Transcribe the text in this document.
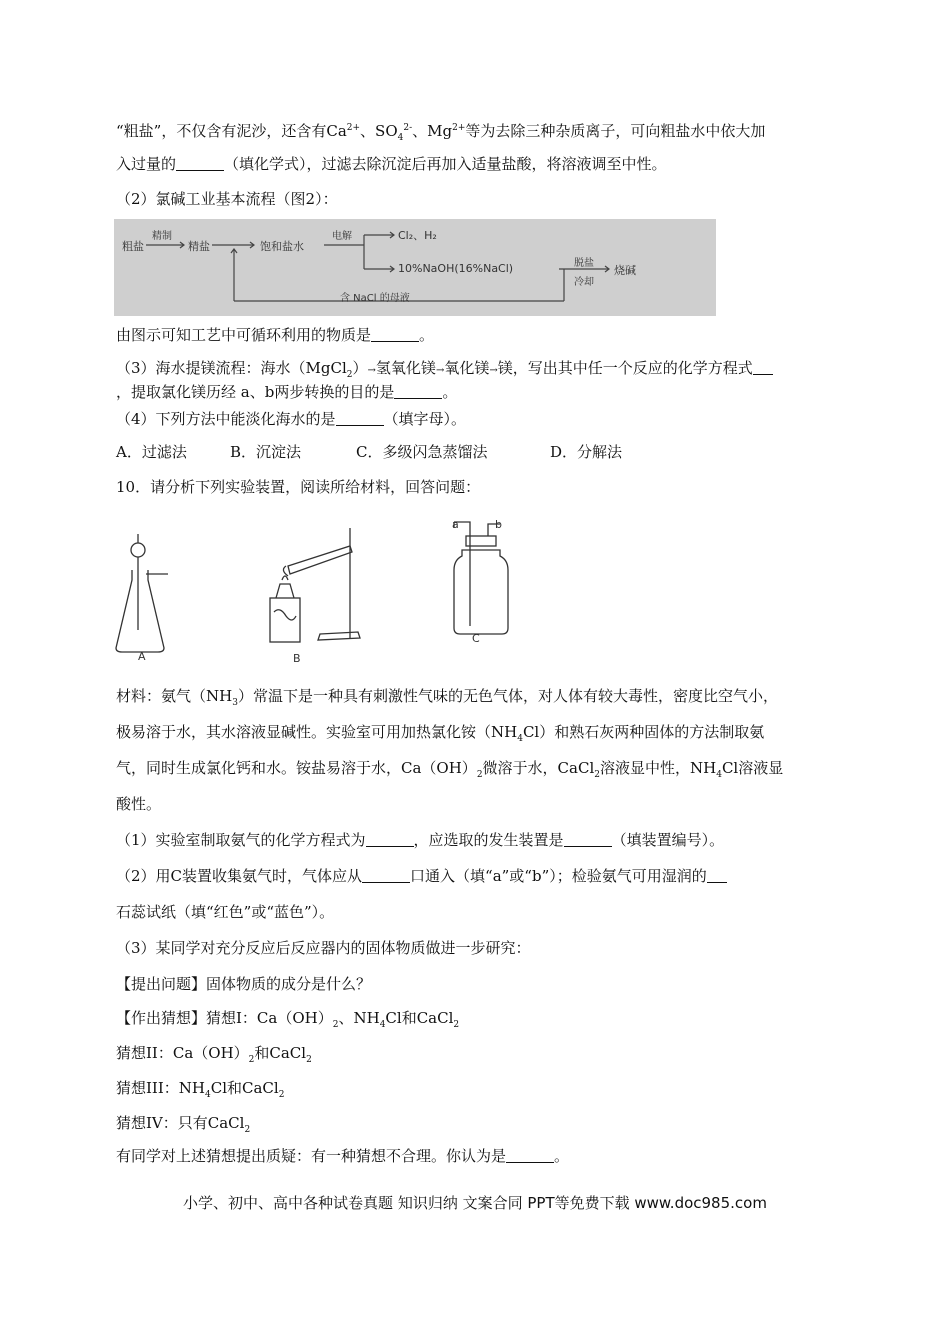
“粗盐”，不仅含有泥沙，还含有$Ca^{2+}$、$SO_4^{2-}$、$Mg^{2+}$等为去除三种杂质离子，可向粗盐水中依大加
入过量的	（填化学式），过滤去除沉淀后再加入适量盐酸，将溶液调至中性。
（2）氯碱工业基本流程（图2）：
粗盐
精制
精盐	饱和盐水
电解	Cl₂、H₂
10%NaOH(16%NaCl)	脱盐
冷却
烧碱
含 NaCl 的母液
由图示可知工艺中可循环利用的物质是	。
（3）海水提镁流程：海水（MgCl$_2$）→氢氧化镁→氧化镁→镁，写出其中任一个反应的化学方程式
，提取氯化镁历经 a、b两步转换的目的是	。
（4）下列方法中能淡化海水的是	（填字母）。
A．过滤法	B．沉淀法	C．多级闪急蒸馏法	D．分解法
10．请分析下列实验装置，阅读所给材料，回答问题：
A	B
a	b
C
材料：氨气$(NH_3)$常温下是一种具有刺激性气味的无色气体，对人体有较大毒性，密度比空气小，
极易溶于水，其水溶液显碱性。实验室可用加热氯化铵$(NH_4Cl)$和熟石灰两种固体的方法制取氨
气，同时生成氯化钙和水。铵盐易溶于水，$Ca(OH)_2$微溶于水，CaCl$_2$溶液显中性，$NH_4Cl$溶液显
酸性。
（1）实验室制取氨气的化学方程式为	，应选取的发生装置是	（填装置编号）。
（2）用C装置收集氨气时，气体应从	口通入（填“a”或“b”）；检验氨气可用湿润的
石蕊试纸（填“红色”或“蓝色”）。
（3）某同学对充分反应后反应器内的固体物质做进一步研究：
【提出问题】固体物质的成分是什么？
【作出猜想】猜想I：$Ca(OH)_2$、$NH_4Cl$和CaCl$_2$
猜想II：$Ca(OH)_2$和CaCl$_2$
猜想III：$NH_4Cl$和CaCl$_2$
猜想IV：只有CaCl$_2$
有同学对上述猜想提出质疑：有一种猜想不合理。你认为是	。
小学、初中、高中各种试卷真题 知识归纳 文案合同 PPT等免费下载 www.doc985.com
